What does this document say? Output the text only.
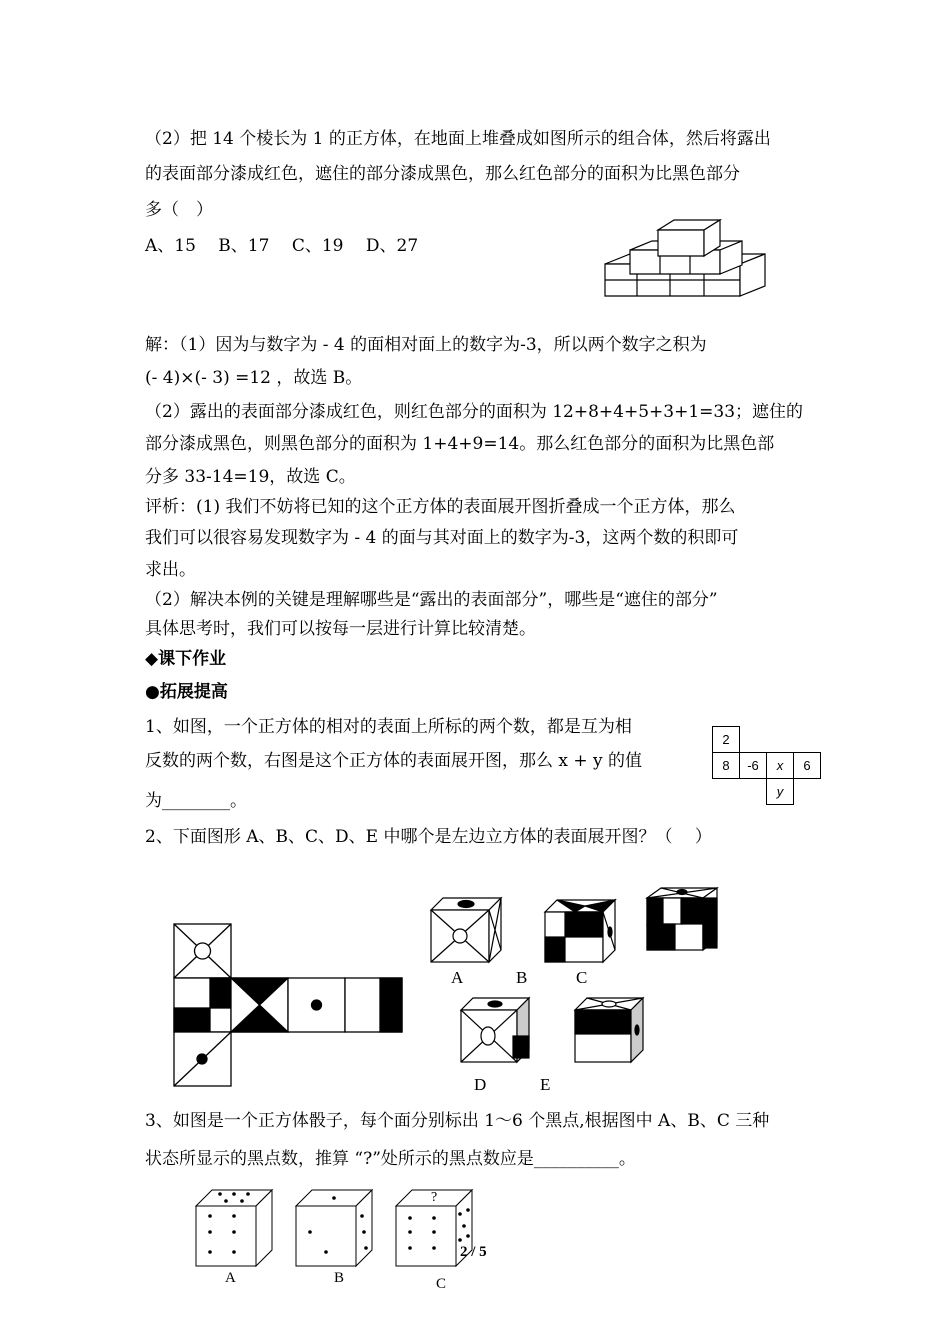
（2）把 14 个棱长为 1 的正方体，在地面上堆叠成如图所示的组合体，然后将露出
的表面部分漆成红色，遮住的部分漆成黑色，那么红色部分的面积为比黑色部分
多（　）
A、15　 B、17　 C、19　 D、27
解：（1）因为与数字为 - 4 的面相对面上的数字为-3，所以两个数字之积为
(- 4)×(- 3) =12 ，故选 B。
（2）露出的表面部分漆成红色，则红色部分的面积为 12+8+4+5+3+1=33；遮住的
部分漆成黑色，则黑色部分的面积为 1+4+9=14。那么红色部分的面积为比黑色部
分多 33-14=19，故选 C。
评析：(1) 我们不妨将已知的这个正方体的表面展开图折叠成一个正方体，那么
我们可以很容易发现数字为 - 4 的面与其对面上的数字为-3，这两个数的积即可
求出。
（2）解决本例的关键是理解哪些是“露出的表面部分”，哪些是“遮住的部分”
具体思考时，我们可以按每一层进行计算比较清楚。
◆课下作业
●拓展提高
1、如图，一个正方体的相对的表面上所标的两个数，都是互为相
反数的两个数，右图是这个正方体的表面展开图，那么 x + y 的值
为________。
2
8	-6	x	6
y
2、下面图形 A、B、C、D、E 中哪个是左边立方体的表面展开图？（　 ）
A	B	C
D	E
3、如图是一个正方体骰子，每个面分别标出 1～6 个黑点,根据图中 A、B、C 三种
状态所显示的黑点数，推算 “?”处所示的黑点数应是__________。
?
A	B	C
2 / 5
